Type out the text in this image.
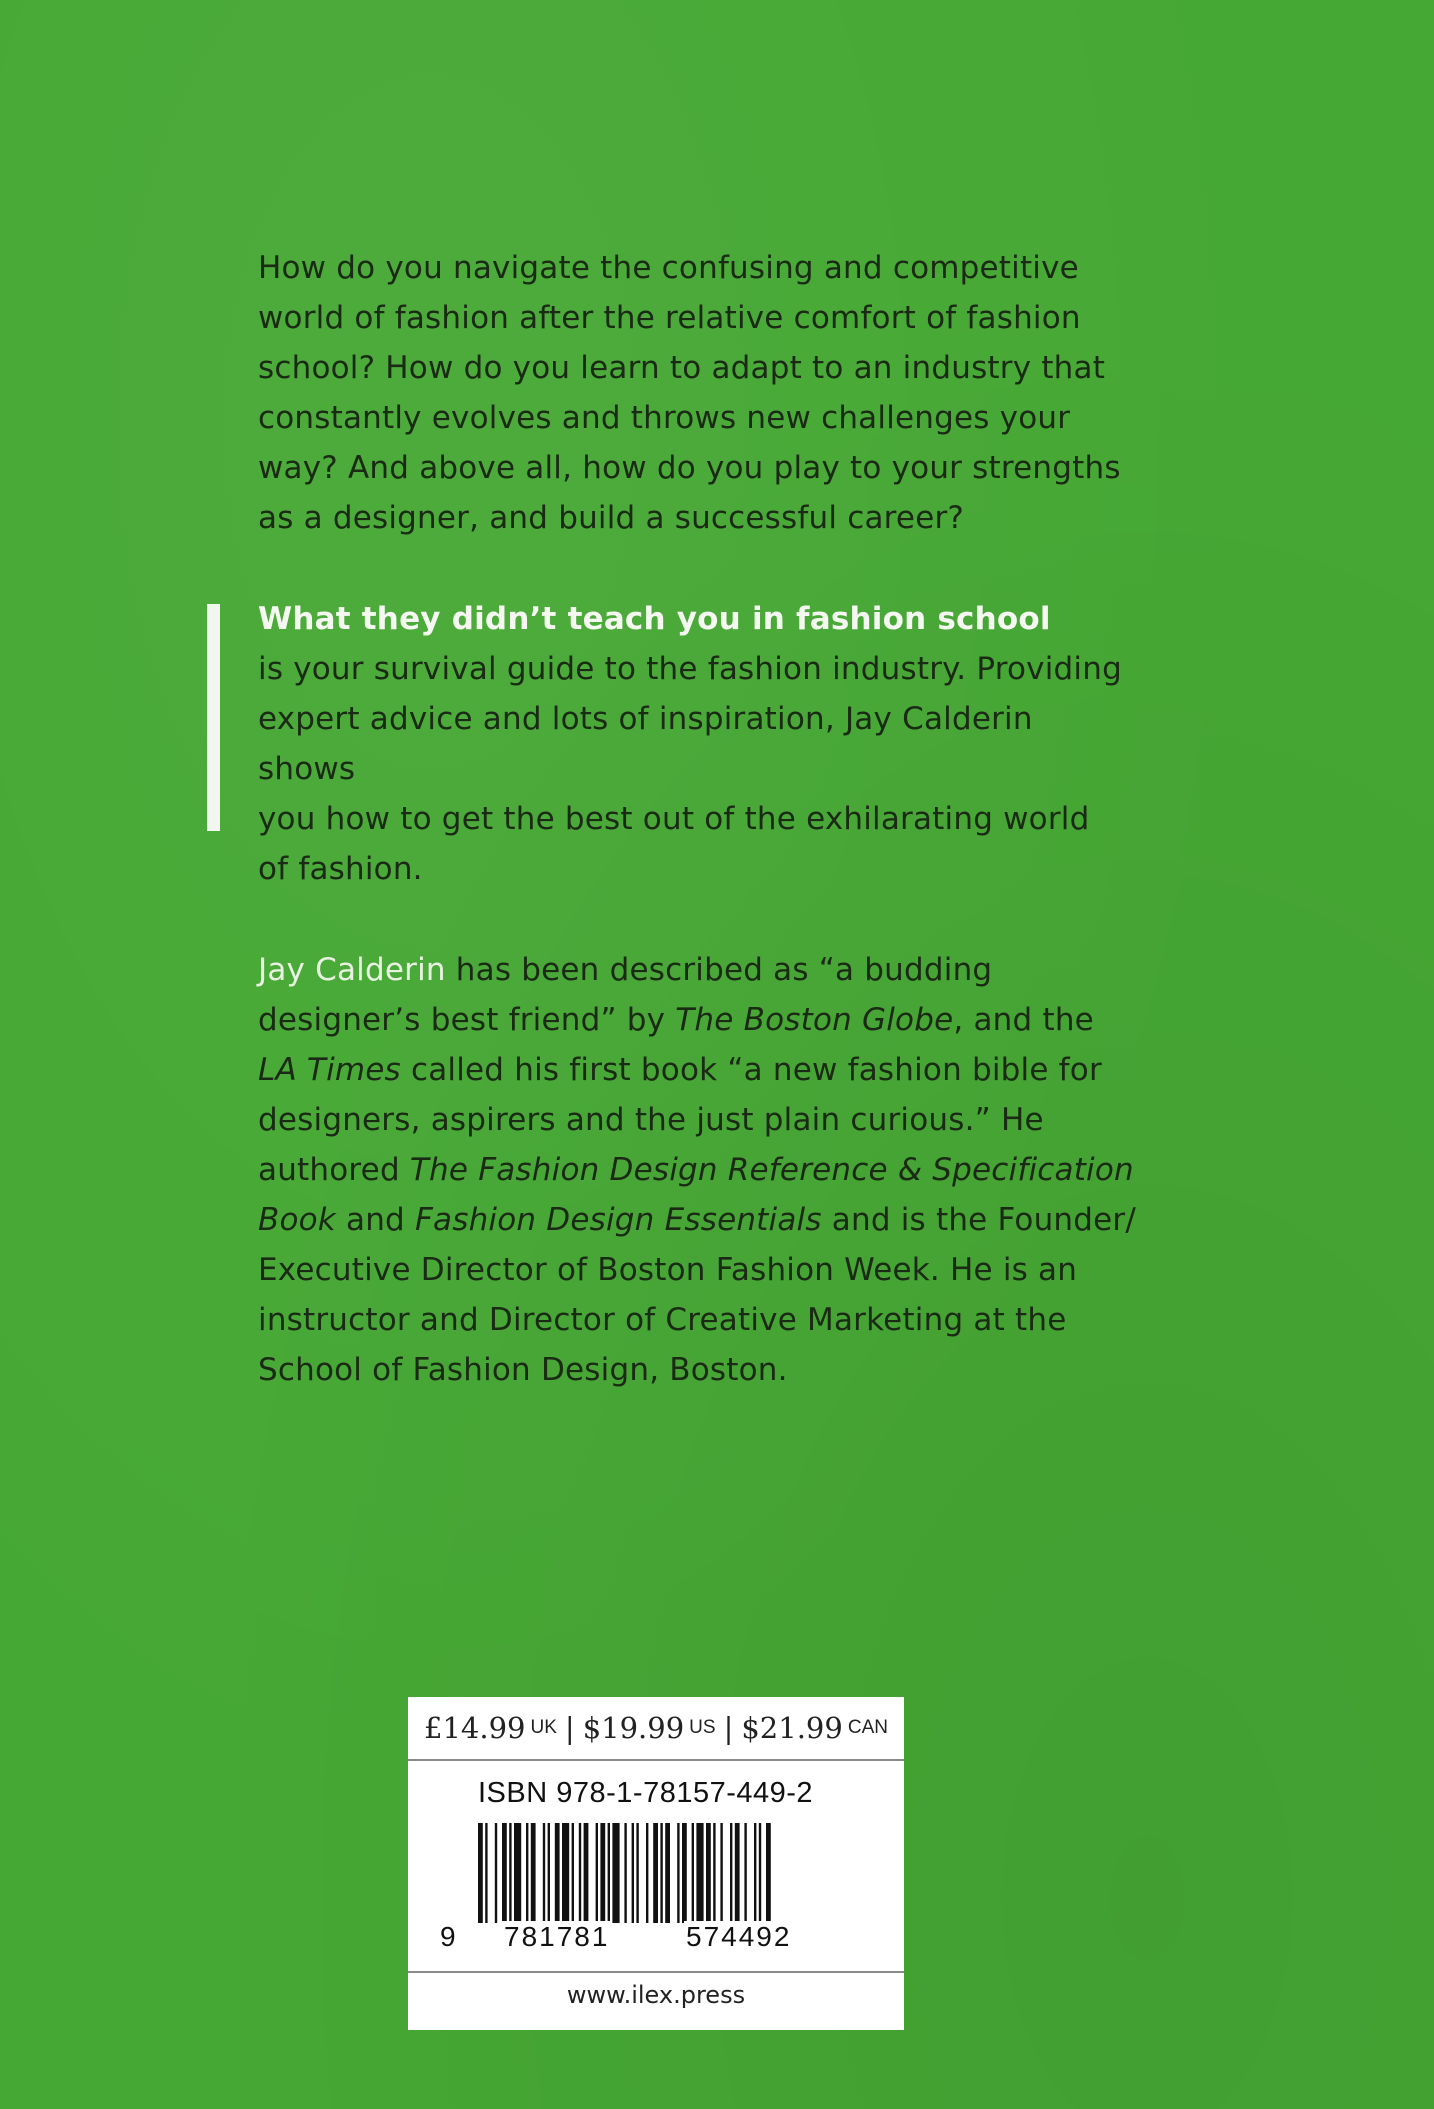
How do you navigate the confusing and competitive

world of fashion after the relative comfort of fashion

school? How do you learn to adapt to an industry that

constantly evolves and throws new challenges your

way? And above all, how do you play to your strengths

as a designer, and build a successful career?

What they didn’t teach you in fashion school

is your survival guide to the fashion industry. Providing

expert advice and lots of inspiration, Jay Calderin shows

you how to get the best out of the exhilarating world

of fashion.

Jay Calderin has been described as “a budding

designer’s best friend” by The Boston Globe, and the

LA Times called his first book “a new fashion bible for

designers, aspirers and the just plain curious.” He

authored The Fashion Design Reference & Specification

Book and Fashion Design Essentials and is the Founder/

Executive Director of Boston Fashion Week. He is an

instructor and Director of Creative Marketing at the

School of Fashion Design, Boston.

£14.99 UK | $19.99 US | $21.99 CAN
ISBN 978-1-78157-449-2
9 781781	574492
www.ilex.press
